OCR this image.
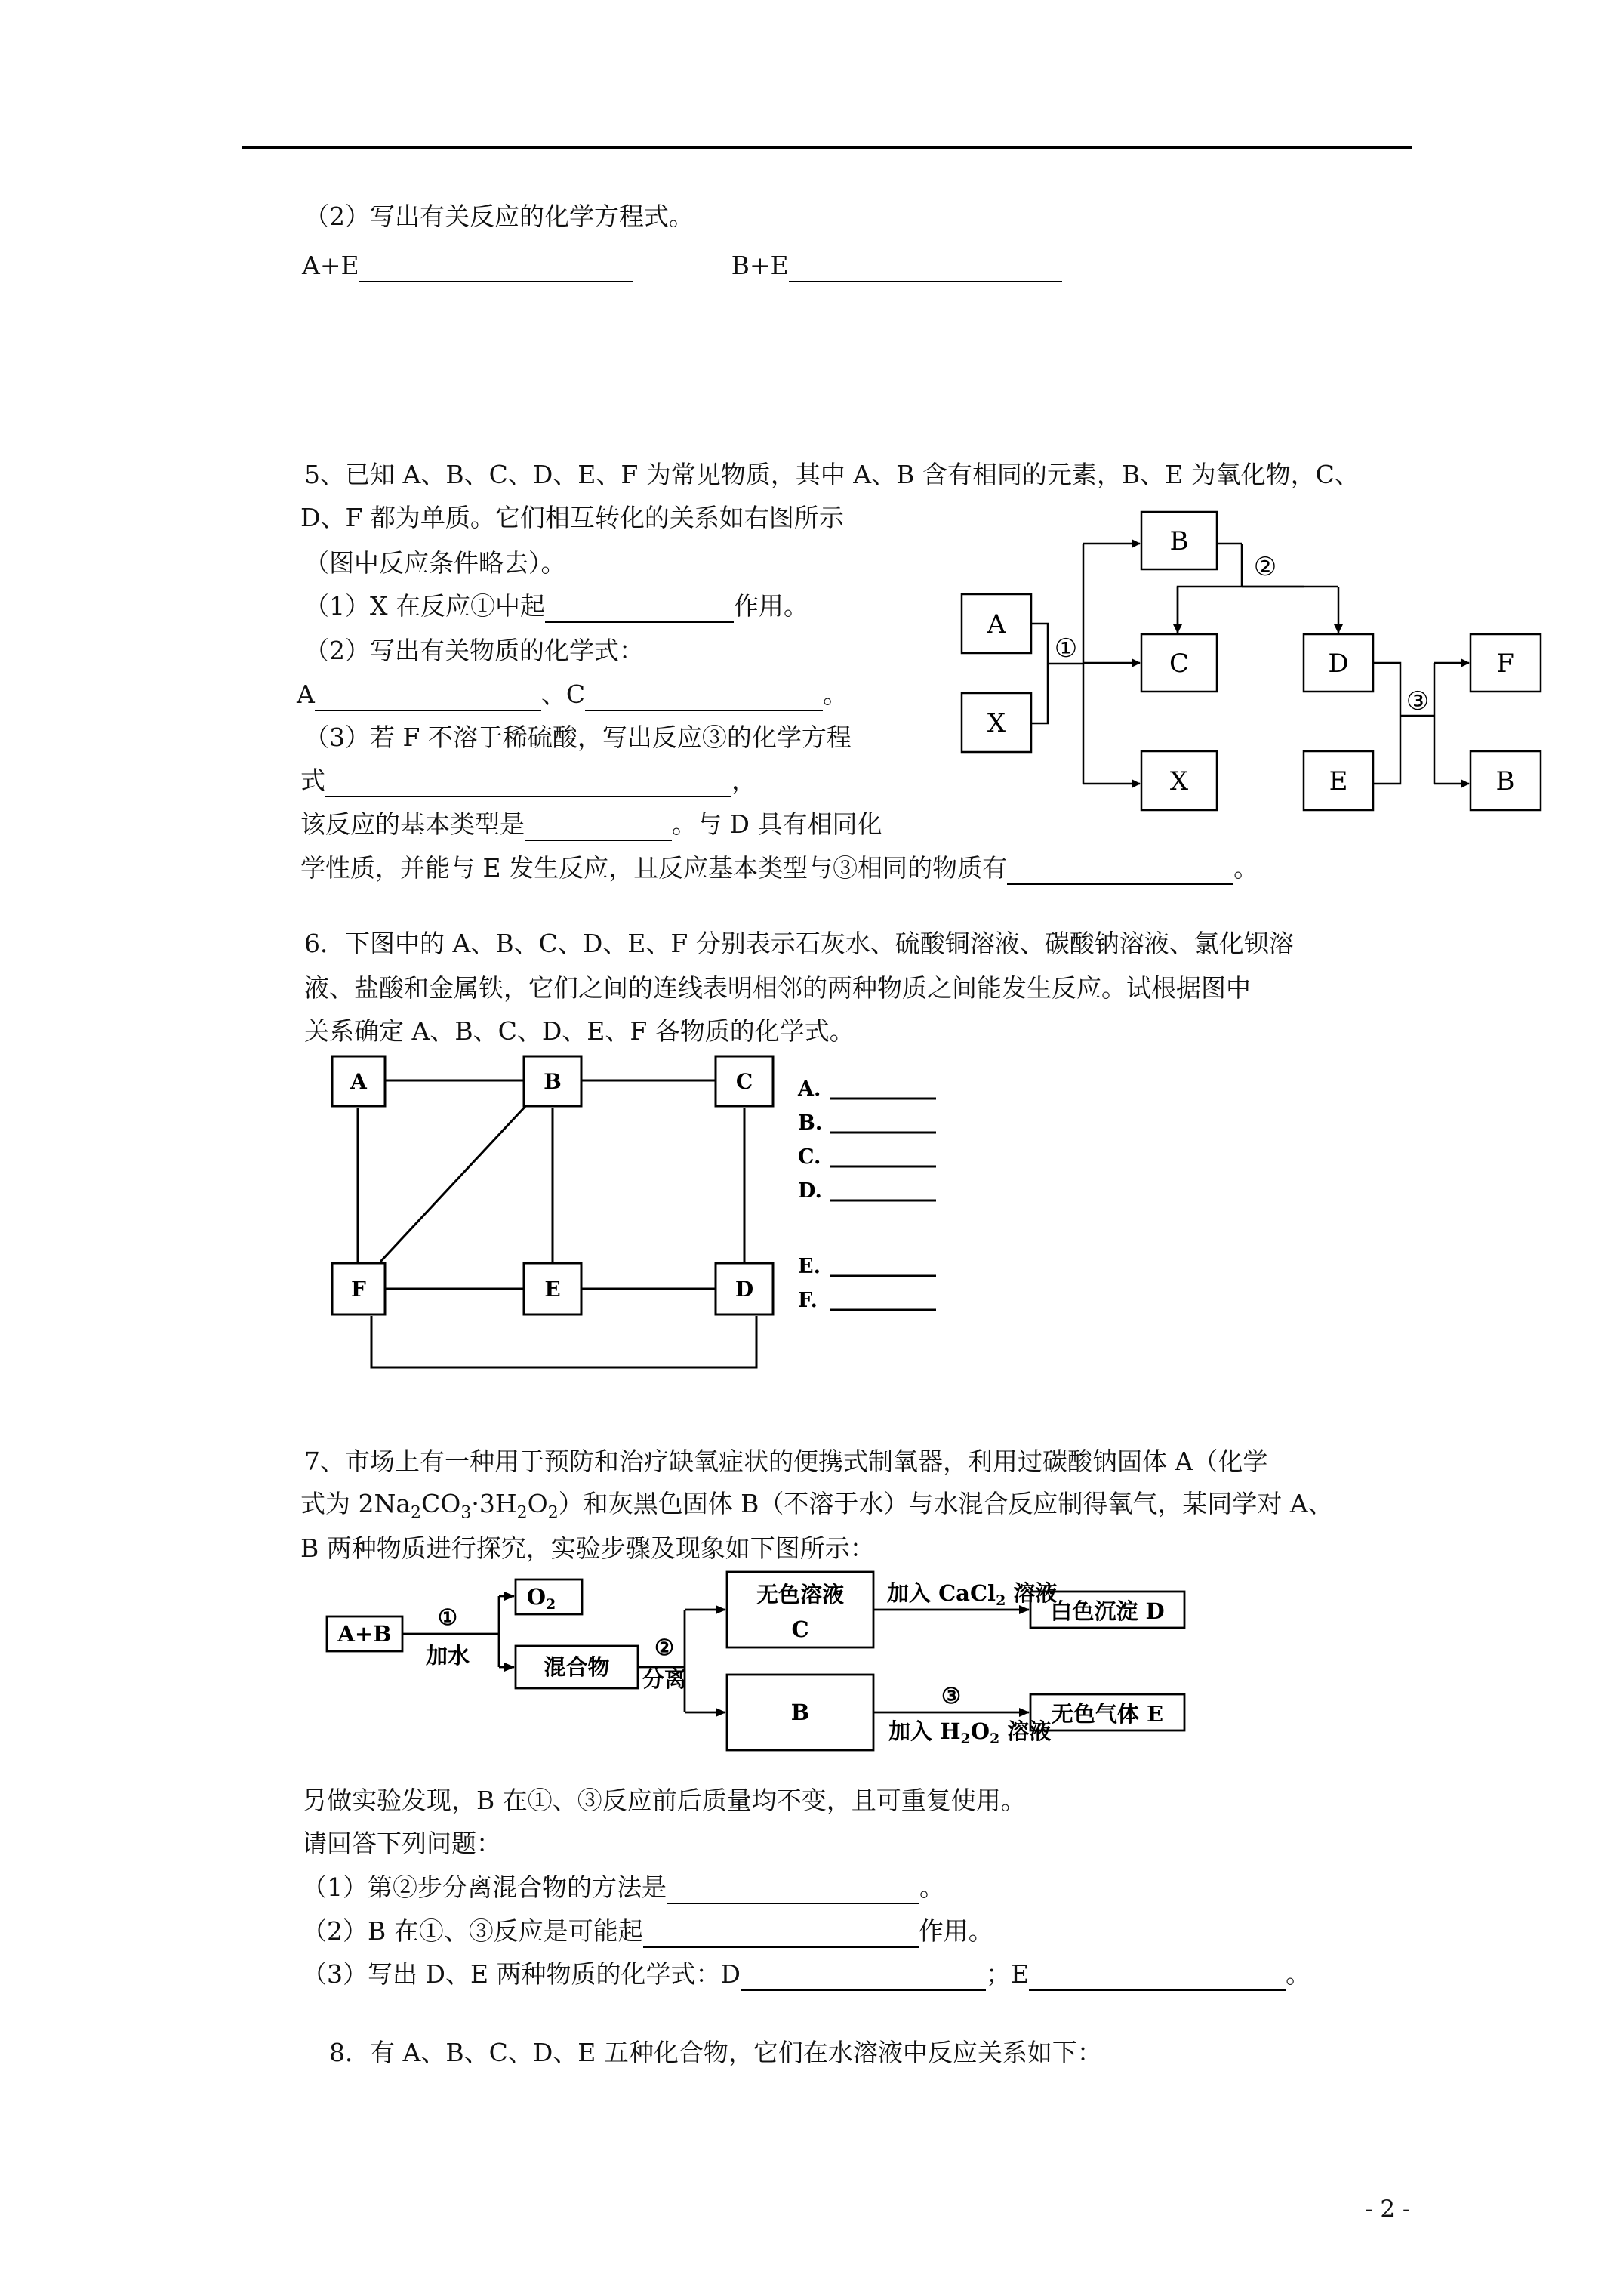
（2）写出有关反应的化学方程式。
A+E	B+E
5、已知 A、B、C、D、E、F 为常见物质，其中 A、B 含有相同的元素，B、E 为氧化物，C、
D、F 都为单质。它们相互转化的关系如右图所示
（图中反应条件略去）。
（1）X 在反应①中起	作用。
（2）写出有关物质的化学式：
A	、C	。
（3）若 F 不溶于稀硫酸，写出反应③的化学方程
式	，
该反应的基本类型是	。与 D 具有相同化
学性质，并能与 E 发生反应，且反应基本类型与③相同的物质有	。
A
X
B
C
X
D
E
F
B
①
②
③
6．下图中的 A、B、C、D、E、F 分别表示石灰水、硫酸铜溶液、碳酸钠溶液、氯化钡溶
液、盐酸和金属铁，它们之间的连线表明相邻的两种物质之间能发生反应。试根据图中
关系确定 A、B、C、D、E、F 各物质的化学式。
A	B	C
F	E	D
A.
B.
C.
D.
E.
F.
7、市场上有一种用于预防和治疗缺氧症状的便携式制氧器，利用过碳酸钠固体 A（化学
式为 $2Na_2CO_3\cdot 3H_2O_2$）和灰黑色固体 B（不溶于水）与水混合反应制得氧气，某同学对 A、
B 两种物质进行探究，实验步骤及现象如下图所示：
A+B
①
加水
$O_2$
混合物
②
分离
无色溶液
C
加入 CaCl$_2$ 溶液
白色沉淀 D
B
③
加入 $H_2O_2$ 溶液
无色气体 E
另做实验发现，B 在①、③反应前后质量均不变，且可重复使用。
请回答下列问题：
（1）第②步分离混合物的方法是	。
（2）B 在①、③反应是可能起	作用。
（3）写出 D、E 两种物质的化学式：D	；E	。
8．有 A、B、C、D、E 五种化合物，它们在水溶液中反应关系如下：
- 2 -
